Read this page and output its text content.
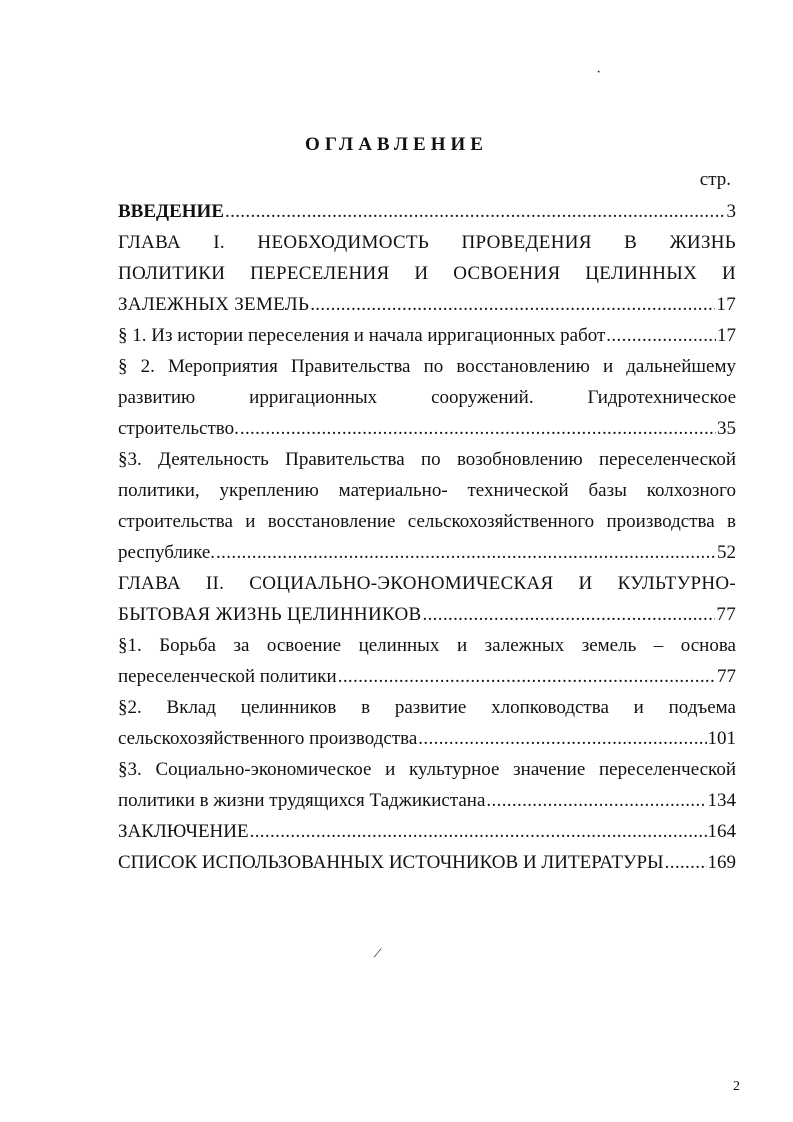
ОГЛАВЛЕНИЕ
стр.
ВВЕДЕНИЕ . . .	3
ГЛАВА I. НЕОБХОДИМОСТЬ ПРОВЕДЕНИЯ В ЖИЗНЬ
ПОЛИТИКИ ПЕРЕСЕЛЕНИЯ И ОСВОЕНИЯ ЦЕЛИННЫХ И
ЗАЛЕЖНЫХ ЗЕМЕЛЬ . . .	17
§ 1. Из истории переселения и начала ирригационных работ . . .	17
§ 2. Мероприятия Правительства по восстановлению и дальнейшему
развитию ирригационных сооружений. Гидротехническое
строительство. . . .	35
§3. Деятельность Правительства по возобновлению переселенческой
политики, укреплению материально- технической базы колхозного
строительства и восстановление сельскохозяйственного производства в
республике. . . .	52
ГЛАВА II. СОЦИАЛЬНО-ЭКОНОМИЧЕСКАЯ И КУЛЬТУРНО-
БЫТОВАЯ ЖИЗНЬ ЦЕЛИННИКОВ . . .	77
§1. Борьба за освоение целинных и залежных земель – основа
переселенческой политики . . .	77
§2. Вклад целинников в развитие хлопководства и подъема
сельскохозяйственного производства . . .	101
§3. Социально-экономическое и культурное значение переселенческой
политики в жизни трудящихся Таджикистана . . .	134
ЗАКЛЮЧЕНИЕ . . .	164
СПИСОК ИСПОЛЬЗОВАННЫХ ИСТОЧНИКОВ И ЛИТЕРАТУРЫ . . . 169
2
·
/
